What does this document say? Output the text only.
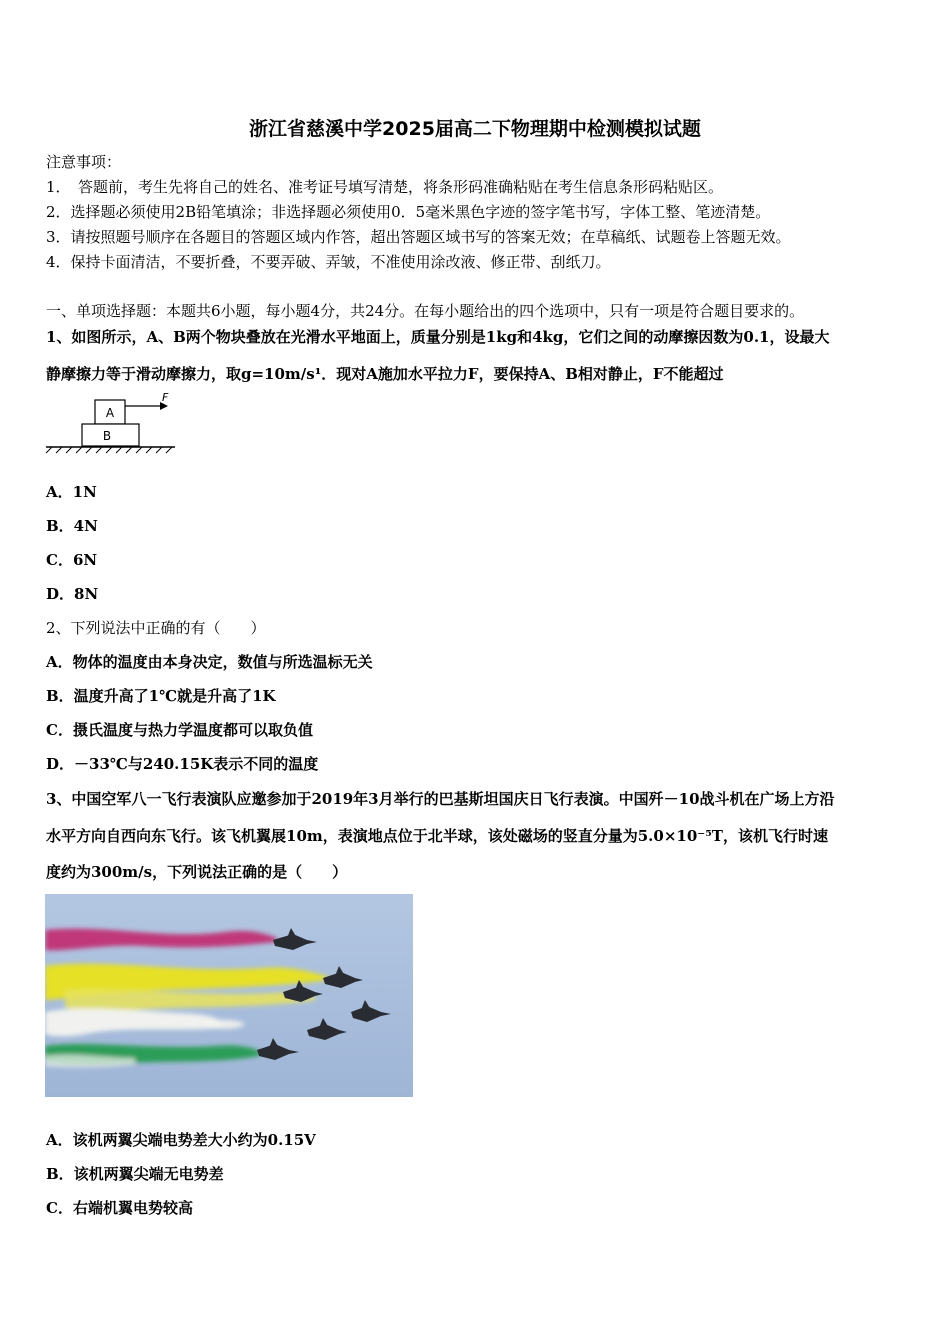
浙江省慈溪中学2025届高二下物理期中检测模拟试题
注意事项：
1．　答题前，考生先将自己的姓名、准考证号填写清楚，将条形码准确粘贴在考生信息条形码粘贴区。
2．选择题必须使用2B铅笔填涂；非选择题必须使用0．5毫米黑色字迹的签字笔书写，字体工整、笔迹清楚。
3．请按照题号顺序在各题目的答题区域内作答，超出答题区域书写的答案无效；在草稿纸、试题卷上答题无效。
4．保持卡面清洁，不要折叠，不要弄破、弄皱，不准使用涂改液、修正带、刮纸刀。
一、单项选择题：本题共6小题，每小题4分，共24分。在每小题给出的四个选项中，只有一项是符合题目要求的。
1、如图所示，A、B两个物块叠放在光滑水平地面上，质量分别是1kg和4kg，它们之间的动摩擦因数为0.1，设最大
静摩擦力等于滑动摩擦力，取g=10m/s¹．现对A施加水平拉力F，要保持A、B相对静止，F不能超过
A
B
F
A．1N
B．4N
C．6N
D．8N
2、下列说法中正确的有（　　）
A．物体的温度由本身决定，数值与所选温标无关
B．温度升高了1℃就是升高了1K
C．摄氏温度与热力学温度都可以取负值
D．－33℃与240.15K表示不同的温度
3、中国空军八一飞行表演队应邀参加于2019年3月举行的巴基斯坦国庆日飞行表演。中国歼－10战斗机在广场上方沿
水平方向自西向东飞行。该飞机翼展10m，表演地点位于北半球，该处磁场的竖直分量为5.0×10⁻⁵T，该机飞行时速
度约为300m/s，下列说法正确的是（　　）
A．该机两翼尖端电势差大小约为0.15V
B．该机两翼尖端无电势差
C．右端机翼电势较高
